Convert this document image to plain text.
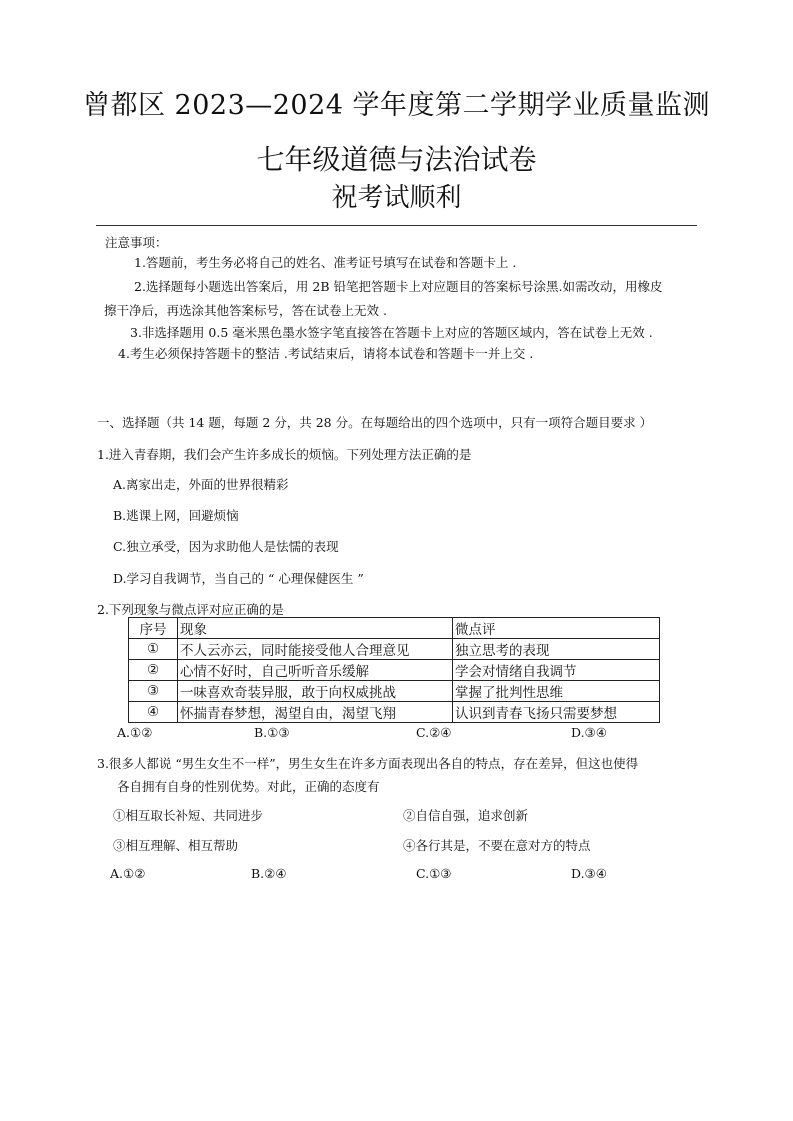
曾都区 2023—2024 学年度第二学期学业质量监测
七年级道德与法治试卷
祝考试顺利
注意事项：
1.答题前，考生务必将自己的姓名、准考证号填写在试卷和答题卡上 .
2.选择题每小题选出答案后，用 2B 铅笔把答题卡上对应题目的答案标号涂黑.如需改动，用橡皮
擦干净后，再选涂其他答案标号，答在试卷上无效 .
3.非选择题用 0.5 毫米黑色墨水签字笔直接答在答题卡上对应的答题区域内，答在试卷上无效 .
4.考生必须保持答题卡的整洁 .考试结束后，请将本试卷和答题卡一并上交 .
一、选择题（共 14 题，每题 2 分，共 28 分。在每题给出的四个选项中，只有一项符合题目要求 ）
1.进入青春期，我们会产生许多成长的烦恼。下列处理方法正确的是
A.离家出走，外面的世界很精彩
B.逃课上网，回避烦恼
C.独立承受，因为求助他人是怯懦的表现
D.学习自我调节，当自己的 “ 心理保健医生 ”
2.下列现象与微点评对应正确的是
序号	现象	微点评
①	不人云亦云，同时能接受他人合理意见	独立思考的表现
②	心情不好时，自己听听音乐缓解	学会对情绪自我调节
③	一味喜欢奇装异服，敢于向权威挑战	掌握了批判性思维
④	怀揣青春梦想，渴望自由，渴望飞翔	认识到青春飞扬只需要梦想
A.①②	B.①③	C.②④	D.③④
3.很多人都说 “男生女生不一样”，男生女生在许多方面表现出各自的特点，存在差异，但这也使得
各自拥有自身的性别优势。对此，正确的态度有
①相互取长补短、共同进步	②自信自强，追求创新
③相互理解、相互帮助	④各行其是，不要在意对方的特点
A.①②	B.②④	C.①③	D.③④
